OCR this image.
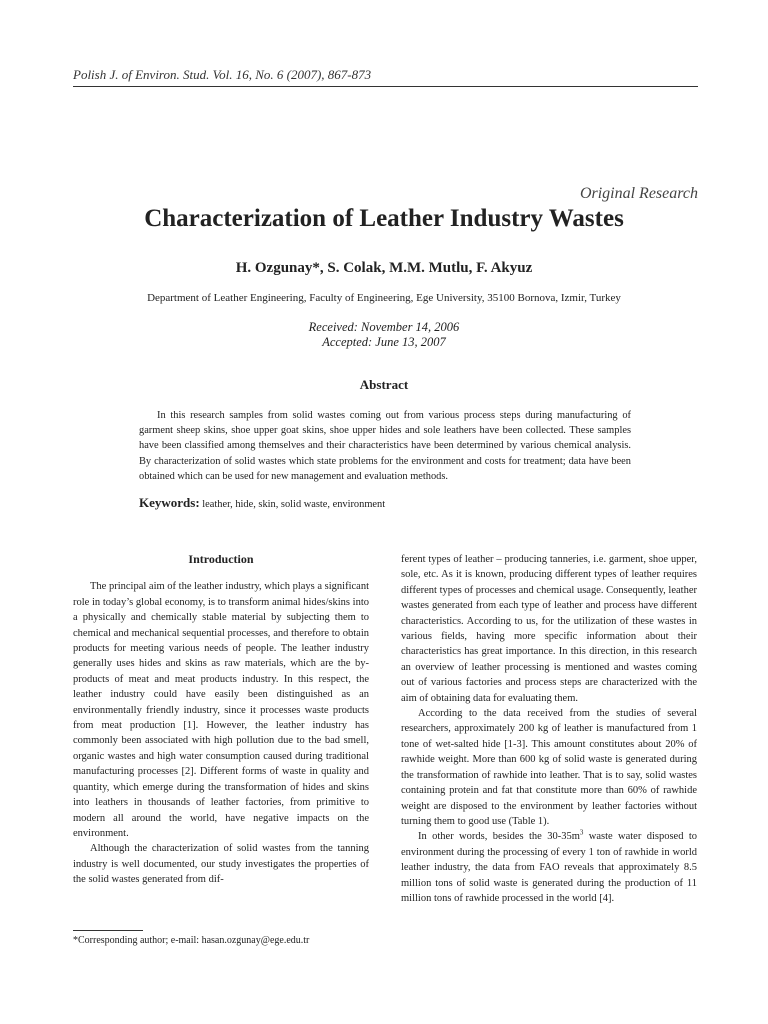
Polish J. of Environ. Stud. Vol. 16, No. 6 (2007), 867-873
Original Research
Characterization of Leather Industry Wastes
H. Ozgunay*, S. Colak, M.M. Mutlu, F. Akyuz
Department of Leather Engineering, Faculty of Engineering, Ege University, 35100 Bornova, Izmir, Turkey
Received: November 14, 2006
Accepted: June 13, 2007
Abstract
In this research samples from solid wastes coming out from various process steps during manufacturing of garment sheep skins, shoe upper goat skins, shoe upper hides and sole leathers have been collected. These samples have been classified among themselves and their characteristics have been determined by various chemical analysis. By characterization of solid wastes which state problems for the environment and costs for treatment; data have been obtained which can be used for new management and evaluation methods.
Keywords: leather, hide, skin, solid waste, environment
Introduction

The principal aim of the leather industry, which plays a significant role in today’s global economy, is to transform animal hides/skins into a physically and chemically stable material by subjecting them to chemical and mechanical sequential processes, and therefore to obtain products for meeting various needs of people. The leather industry generally uses hides and skins as raw materials, which are the by-products of meat and meat products industry. In this respect, the leather industry could have easily been distinguished as an environmentally friendly industry, since it processes waste products from meat production [1]. However, the leather industry has commonly been associated with high pollution due to the bad smell, organic wastes and high water consumption caused during traditional manufacturing processes [2]. Different forms of waste in quality and quantity, which emerge during the transformation of hides and skins into leathers in thousands of leather factories, from primitive to modern all around the world, have negative impacts on the environment.

Although the characterization of solid wastes from the tanning industry is well documented, our study investigates the properties of the solid wastes generated from dif-

ferent types of leather – producing tanneries, i.e. garment, shoe upper, sole, etc. As it is known, producing different types of leather requires different types of processes and chemical usage. Consequently, leather wastes generated from each type of leather and process have different characteristics. According to us, for the utilization of these wastes in various fields, having more specific information about their characteristics has great importance. In this direction, in this research an overview of leather processing is mentioned and wastes coming out of various factories and process steps are characterized with the aim of obtaining data for evaluating them.

According to the data received from the studies of several researchers, approximately 200 kg of leather is manufactured from 1 tone of wet-salted hide [1-3]. This amount constitutes about 20% of rawhide weight. More than 600 kg of solid waste is generated during the transformation of rawhide into leather. That is to say, solid wastes containing protein and fat that constitute more than 60% of rawhide weight are disposed to the environment by leather factories without turning them to good use (Table 1).

In other words, besides the $30-35m^3$ waste water disposed to environment during the processing of every 1 ton of rawhide in world leather industry, the data from FAO reveals that approximately 8.5 million tons of solid waste is generated during the production of 11 million tons of rawhide processed in the world [4].

*Corresponding author; e-mail: hasan.ozgunay@ege.edu.tr
